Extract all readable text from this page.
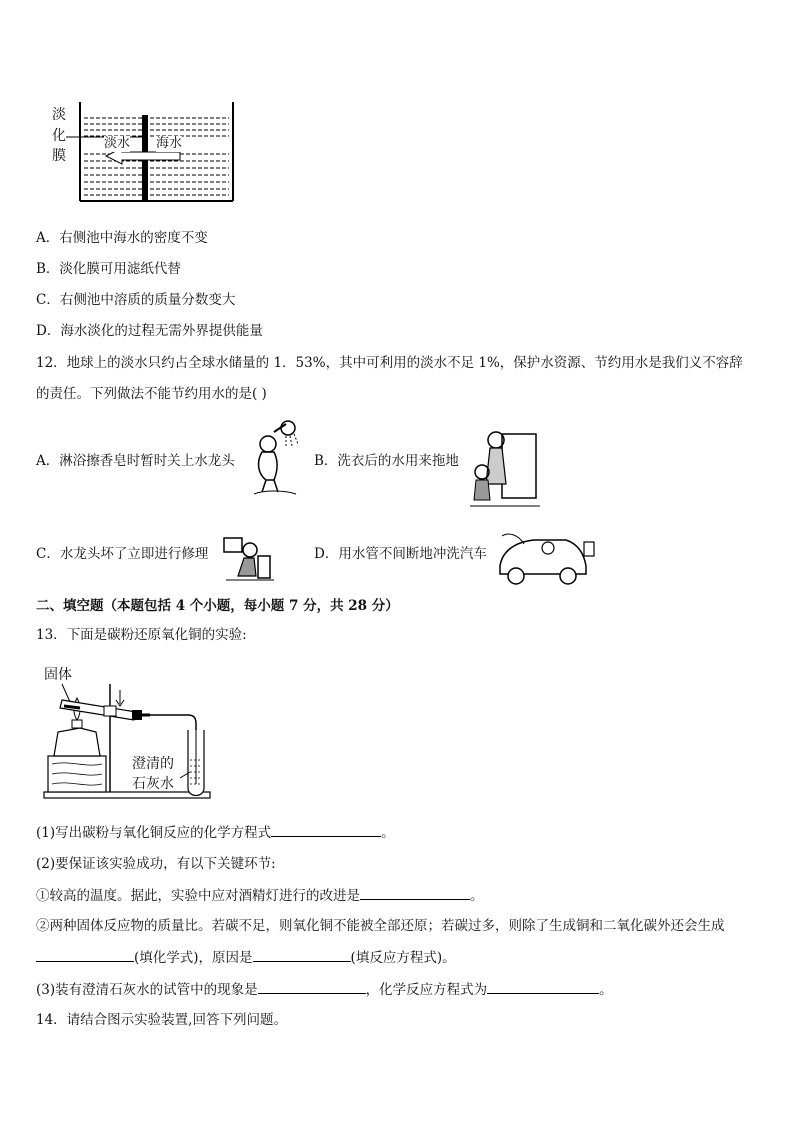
淡
化
膜
淡水 海水
A．右侧池中海水的密度不变
B．淡化膜可用滤纸代替
C．右侧池中溶质的质量分数变大
D．海水淡化的过程无需外界提供能量
12．地球上的淡水只约占全球水储量的 1．53%，其中可利用的淡水不足 1%，保护水资源、节约用水是我们义不容辞
的责任。下列做法不能节约用水的是( )
A．淋浴擦香皂时暂时关上水龙头	B．洗衣后的水用来拖地
C．水龙头坏了立即进行修理	D．用水管不间断地冲洗汽车
二、填空题（本题包括 4 个小题，每小题 7 分，共 28 分）
13．下面是碳粉还原氧化铜的实验:
固体
澄清的
石灰水
(1)写出碳粉与氧化铜反应的化学方程式	。
(2)要保证该实验成功，有以下关键环节:
①较高的温度。据此，实验中应对酒精灯进行的改进是	。
②两种固体反应物的质量比。若碳不足，则氧化铜不能被全部还原；若碳过多，则除了生成铜和二氧化碳外还会生成
(填化学式)，原因是	(填反应方程式)。
(3)装有澄清石灰水的试管中的现象是	，化学反应方程式为	。
14．请结合图示实验装置,回答下列问题。
